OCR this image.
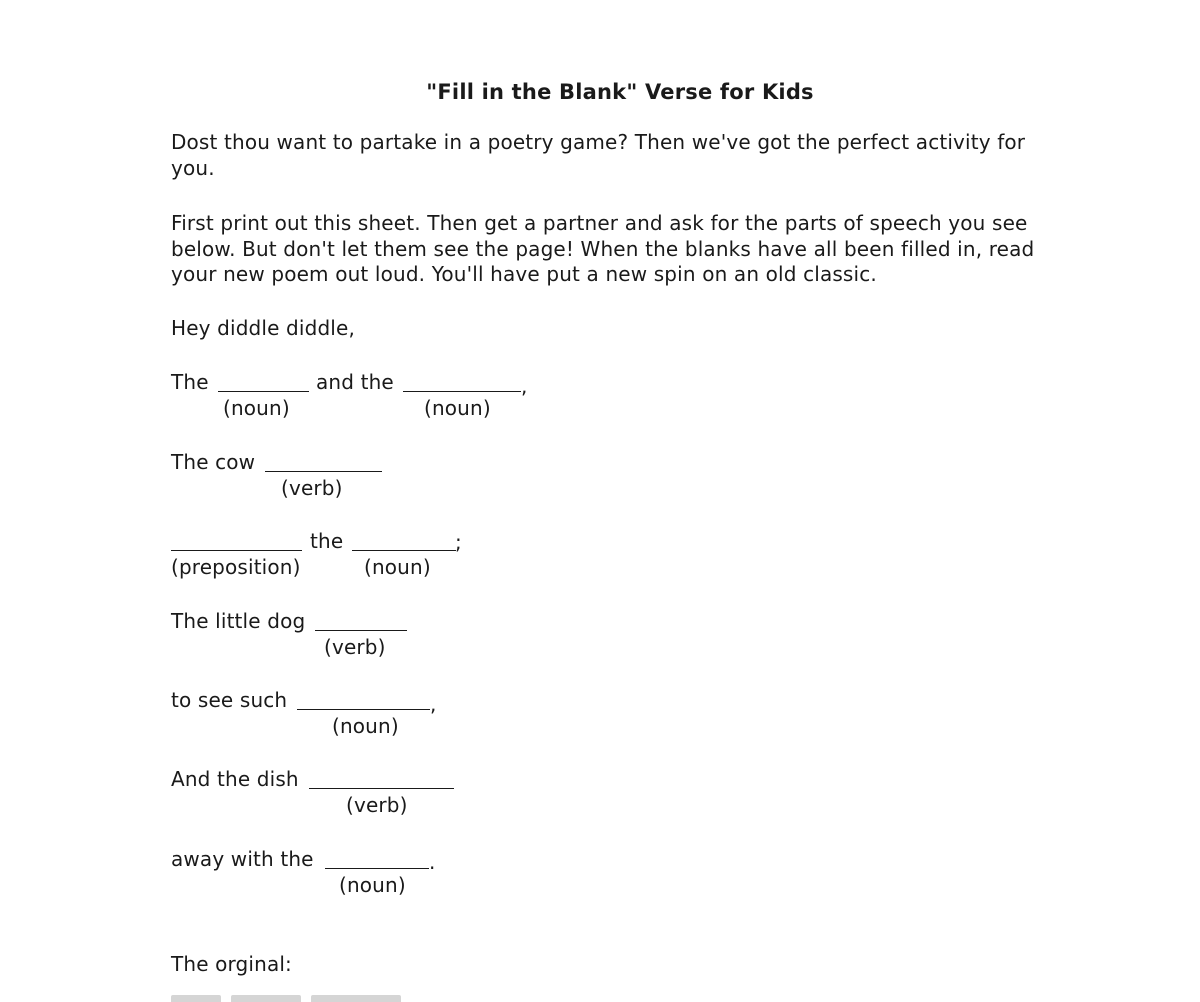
"Fill in the Blank" Verse for Kids
Dost thou want to partake in a poetry game? Then we've got the perfect activity for you.
First print out this sheet. Then get a partner and ask for the parts of speech you see below. But don't let them see the page! When the blanks have all been filled in, read your new poem out loud. You'll have put a new spin on an old classic.
Hey diddle diddle,
The
(noun)
and the	,
(noun)
The cow
(verb)
(preposition)
the	;
(noun)
The little dog
(verb)
to see such	,
(noun)
And the dish
(verb)
away with the	.
(noun)
The orginal:
